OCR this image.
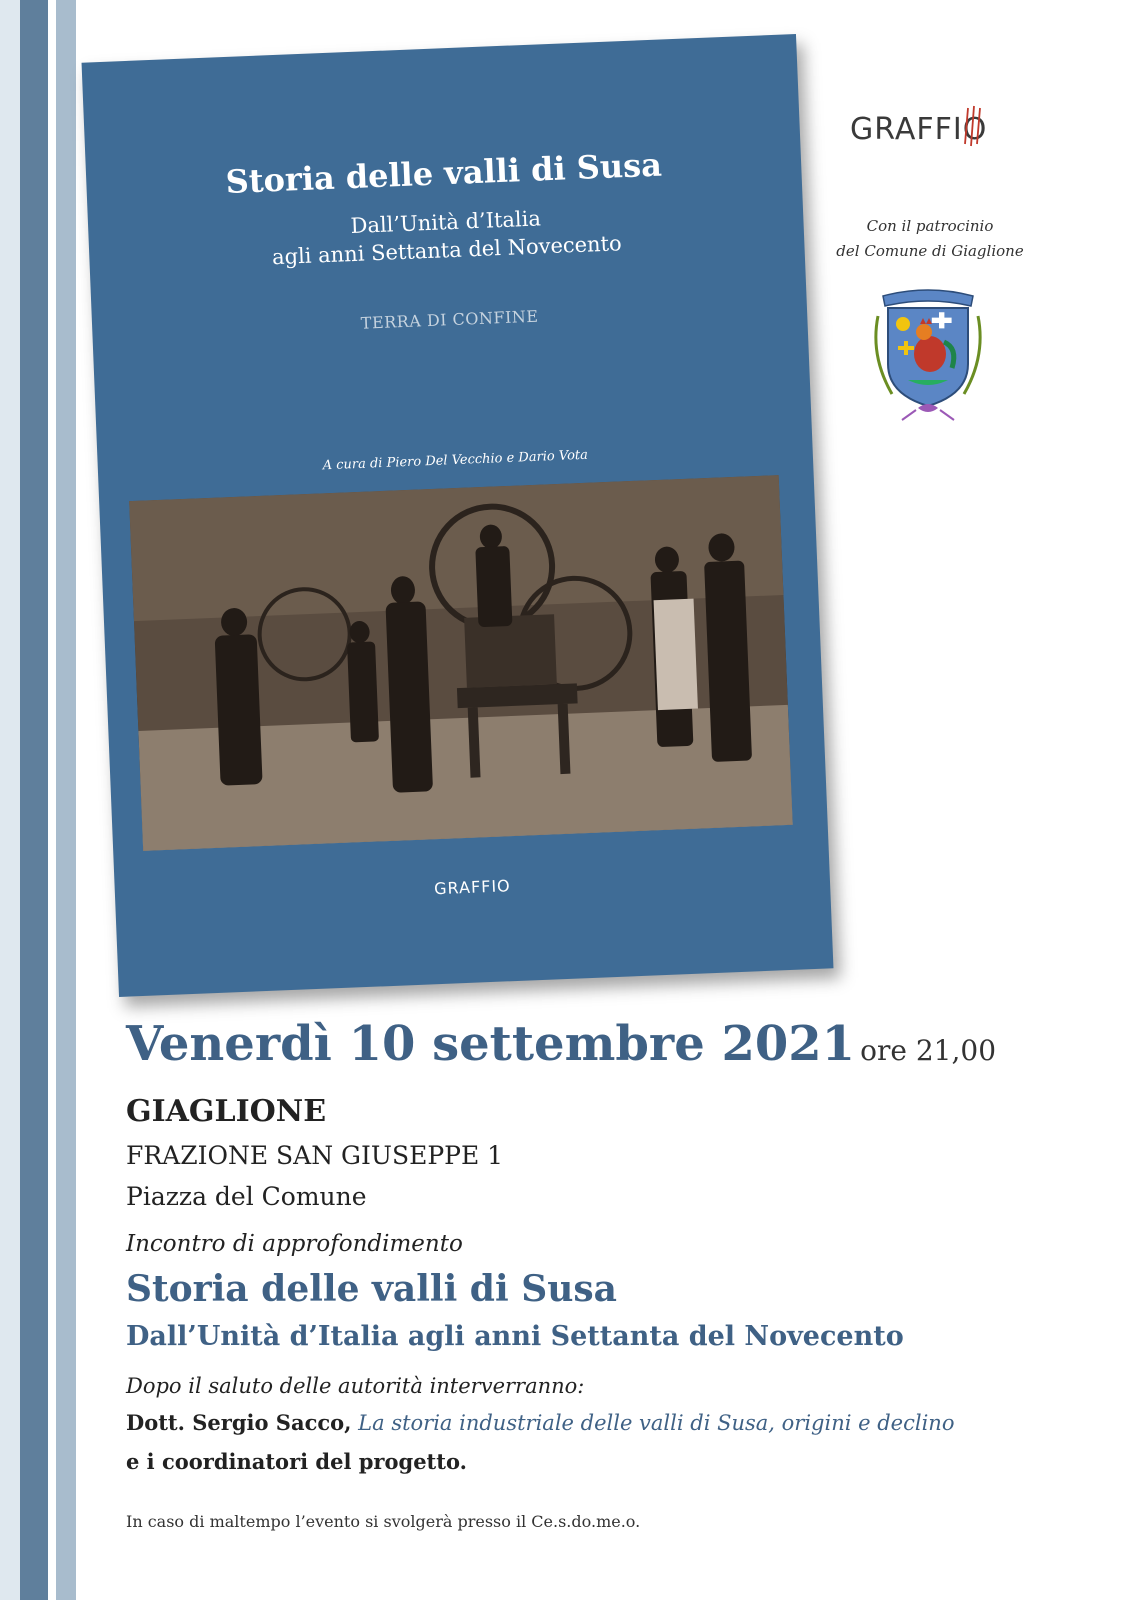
Storia delle valli di Susa
Dall’Unità d’Italia
agli anni Settanta del Novecento
TERRA DI CONFINE
A cura di Piero Del Vecchio e Dario Vota
GRAFFIO
GRAFFIO
Con il patrocinio
del Comune di Giaglione
Venerdì 10 settembre 2021 ore 21,00
GIAGLIONE
FRAZIONE SAN GIUSEPPE 1
Piazza del Comune
Incontro di approfondimento
Storia delle valli di Susa
Dall’Unità d’Italia agli anni Settanta del Novecento
Dopo il saluto delle autorità interverranno:
Dott. Sergio Sacco, La storia industriale delle valli di Susa, origini e declino
e i coordinatori del progetto.
In caso di maltempo l’evento si svolgerà presso il Ce.s.do.me.o.
